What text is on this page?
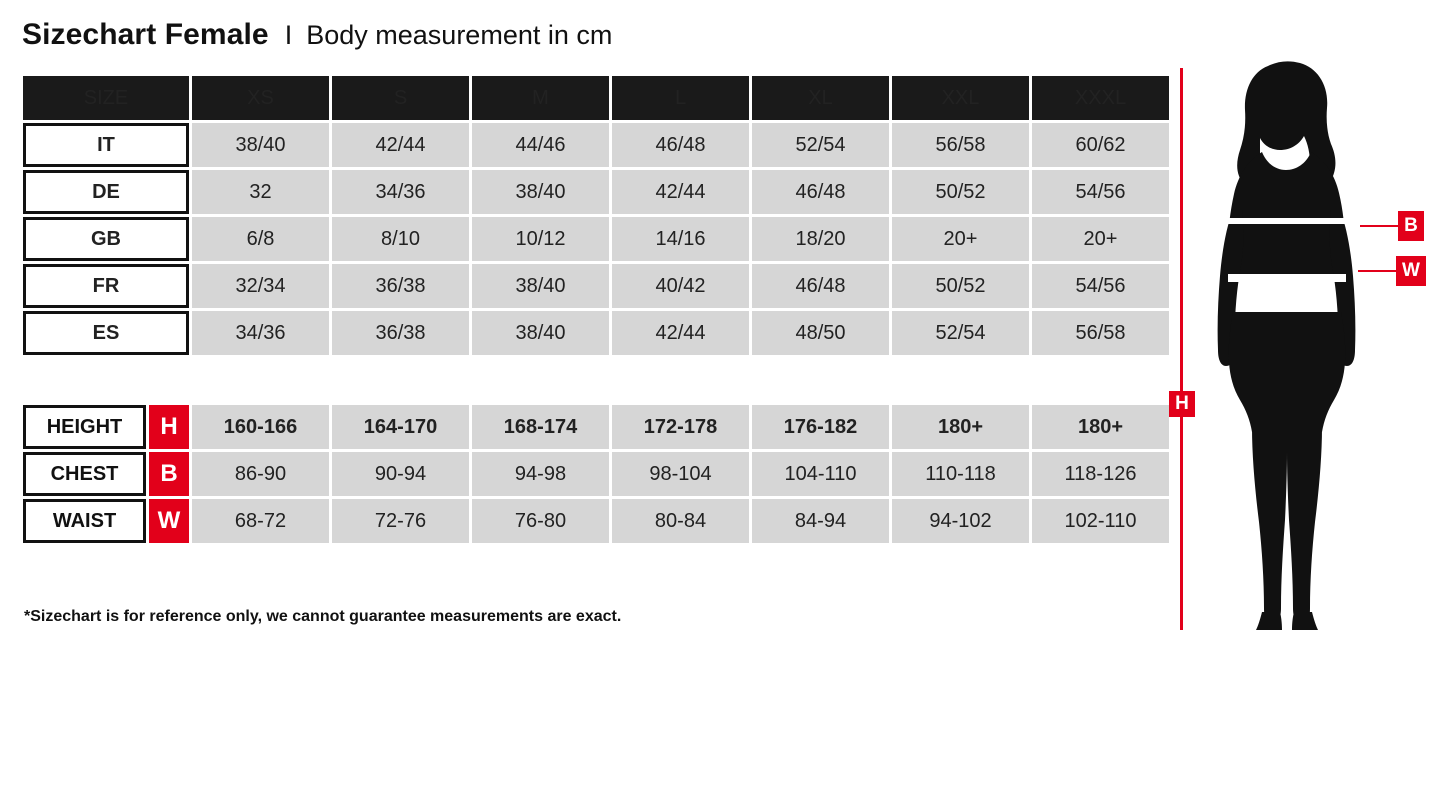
Sizechart Female I Body measurement in cm
SIZE	XS	S	M	L	XL	XXL	XXXL
IT	38/40	42/44	44/46	46/48	52/54	56/58	60/62
DE	32	34/36	38/40	42/44	46/48	50/52	54/56
GB	6/8	8/10	10/12	14/16	18/20	20+	20+
FR	32/34	36/38	38/40	40/42	46/48	50/52	54/56
ES	34/36	36/38	38/40	42/44	48/50	52/54	56/58

HEIGHT H	160-166	164-170	168-174	172-178	176-182	180+	180+

CHEST B	86-90	90-94	94-98	98-104	104-110	110-118	118-126

WAIST W	68-72	72-76	76-80	80-84	84-94	94-102	102-110
*Sizechart is for reference only, we cannot guarantee measurements are exact.
H
B
W
